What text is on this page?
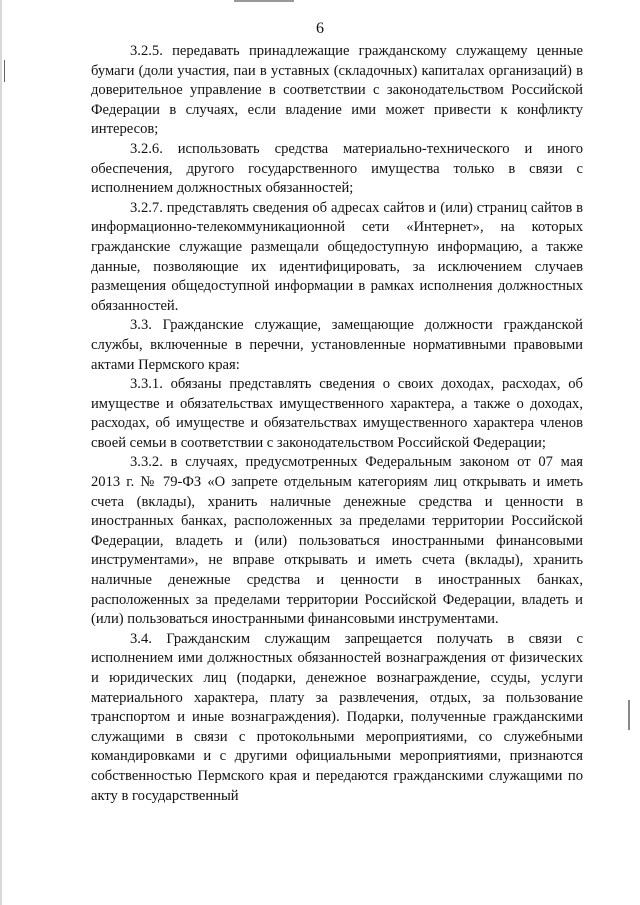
6

3.2.5. передавать принадлежащие гражданскому служащему ценные бумаги (доли участия, паи в уставных (складочных) капиталах организаций) в доверительное управление в соответствии с законодательством Российской Федерации в случаях, если владение ими может привести к конфликту интересов;

3.2.6. использовать средства материально-технического и иного обеспечения, другого государственного имущества только в связи с исполнением должностных обязанностей;

3.2.7. представлять сведения об адресах сайтов и (или) страниц сайтов в информационно-телекоммуникационной сети «Интернет», на которых гражданские служащие размещали общедоступную информацию, а также данные, позволяющие их идентифицировать, за исключением случаев размещения общедоступной информации в рамках исполнения должностных обязанностей.

3.3. Гражданские служащие, замещающие должности гражданской службы, включенные в перечни, установленные нормативными правовыми актами Пермского края:

3.3.1. обязаны представлять сведения о своих доходах, расходах, об имуществе и обязательствах имущественного характера, а также о доходах, расходах, об имуществе и обязательствах имущественного характера членов своей семьи в соответствии с законодательством Российской Федерации;

3.3.2. в случаях, предусмотренных Федеральным законом от 07 мая 2013 г. № 79-ФЗ «О запрете отдельным категориям лиц открывать и иметь счета (вклады), хранить наличные денежные средства и ценности в иностранных банках, расположенных за пределами территории Российской Федерации, владеть и (или) пользоваться иностранными финансовыми инструментами», не вправе открывать и иметь счета (вклады), хранить наличные денежные средства и ценности в иностранных банках, расположенных за пределами территории Российской Федерации, владеть и (или) пользоваться иностранными финансовыми инструментами.

3.4. Гражданским служащим запрещается получать в связи с исполнением ими должностных обязанностей вознаграждения от физических и юридических лиц (подарки, денежное вознаграждение, ссуды, услуги материального характера, плату за развлечения, отдых, за пользование транспортом и иные вознаграждения). Подарки, полученные гражданскими служащими в связи с протокольными мероприятиями, со служебными командировками и с другими официальными мероприятиями, признаются собственностью Пермского края и передаются гражданскими служащими по акту в государственный
